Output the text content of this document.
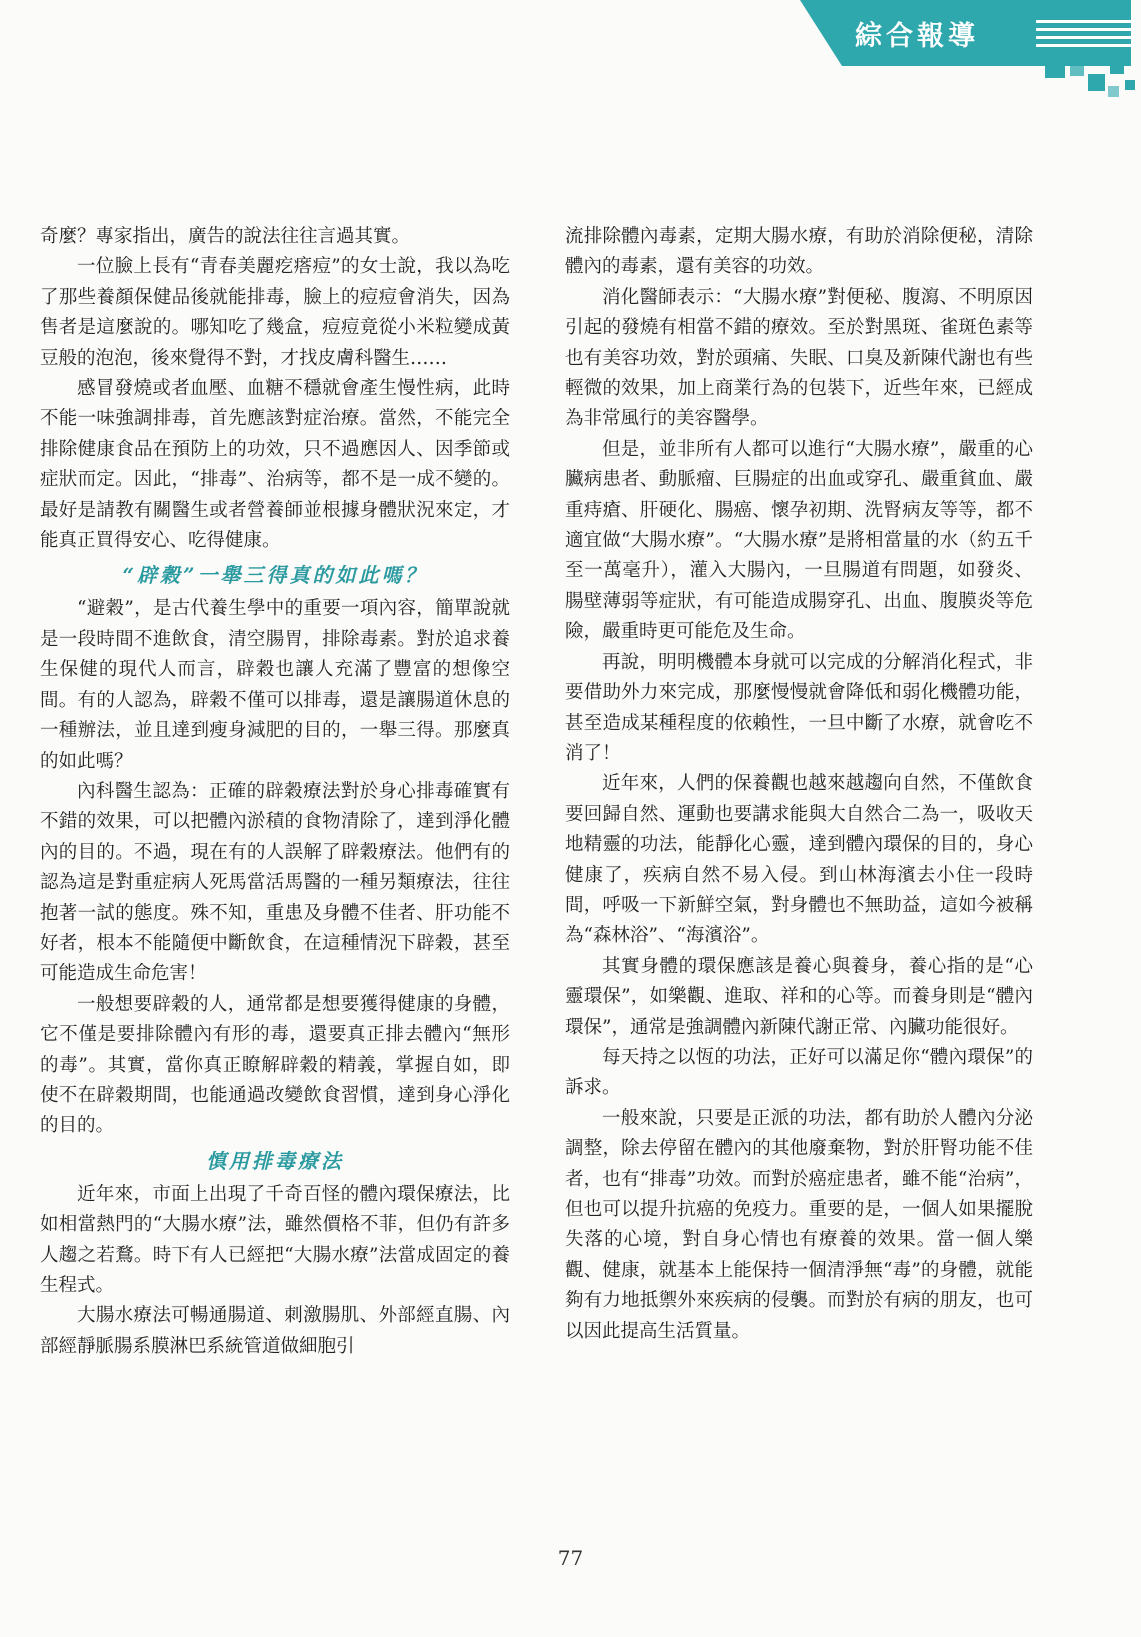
綜合報導

奇麼？專家指出，廣告的說法往往言過其實。

一位臉上長有“青春美麗疙瘩痘”的女士說，我以為吃了那些養顏保健品後就能排毒，臉上的痘痘會消失，因為售者是這麼說的。哪知吃了幾盒，痘痘竟從小米粒變成黃豆般的泡泡，後來覺得不對，才找皮膚科醫生……

感冒發燒或者血壓、血糖不穩就會產生慢性病，此時不能一味強調排毒，首先應該對症治療。當然，不能完全排除健康食品在預防上的功效，只不過應因人、因季節或症狀而定。因此，“排毒”、治病等，都不是一成不變的。最好是請教有關醫生或者營養師並根據身體狀況來定，才能真正買得安心、吃得健康。

“辟穀”一舉三得真的如此嗎？

“避穀”，是古代養生學中的重要一項內容，簡單說就是一段時間不進飲食，清空腸胃，排除毒素。對於追求養生保健的現代人而言，辟穀也讓人充滿了豐富的想像空間。有的人認為，辟穀不僅可以排毒，還是讓腸道休息的一種辦法，並且達到瘦身減肥的目的，一舉三得。那麼真的如此嗎？

內科醫生認為：正確的辟穀療法對於身心排毒確實有不錯的效果，可以把體內淤積的食物清除了，達到淨化體內的目的。不過，現在有的人誤解了辟穀療法。他們有的認為這是對重症病人死馬當活馬醫的一種另類療法，往往抱著一試的態度。殊不知，重患及身體不佳者、肝功能不好者，根本不能隨便中斷飲食，在這種情況下辟穀，甚至可能造成生命危害！

一般想要辟穀的人，通常都是想要獲得健康的身體，它不僅是要排除體內有形的毒，還要真正排去體內“無形的毒”。其實，當你真正瞭解辟穀的精義，掌握自如，即使不在辟穀期間，也能通過改變飲食習慣，達到身心淨化的目的。

慎用排毒療法

近年來，市面上出現了千奇百怪的體內環保療法，比如相當熱門的“大腸水療”法，雖然價格不菲，但仍有許多人趨之若鶩。時下有人已經把“大腸水療”法當成固定的養生程式。

大腸水療法可暢通腸道、刺激腸肌、外部經直腸、內部經靜脈腸系膜淋巴系統管道做細胞引

流排除體內毒素，定期大腸水療，有助於消除便秘，清除體內的毒素，還有美容的功效。

消化醫師表示：“大腸水療”對便秘、腹瀉、不明原因引起的發燒有相當不錯的療效。至於對黑斑、雀斑色素等也有美容功效，對於頭痛、失眠、口臭及新陳代謝也有些輕微的效果，加上商業行為的包裝下，近些年來，已經成為非常風行的美容醫學。

但是，並非所有人都可以進行“大腸水療”，嚴重的心臟病患者、動脈瘤、巨腸症的出血或穿孔、嚴重貧血、嚴重痔瘡、肝硬化、腸癌、懷孕初期、洗腎病友等等，都不適宜做“大腸水療”。“大腸水療”是將相當量的水（約五千至一萬毫升），灌入大腸內，一旦腸道有問題，如發炎、腸壁薄弱等症狀，有可能造成腸穿孔、出血、腹膜炎等危險，嚴重時更可能危及生命。

再說，明明機體本身就可以完成的分解消化程式，非要借助外力來完成，那麼慢慢就會降低和弱化機體功能，甚至造成某種程度的依賴性，一旦中斷了水療，就會吃不消了！

近年來，人們的保養觀也越來越趨向自然，不僅飲食要回歸自然、運動也要講求能與大自然合二為一，吸收天地精靈的功法，能靜化心靈，達到體內環保的目的，身心健康了，疾病自然不易入侵。到山林海濱去小住一段時間，呼吸一下新鮮空氣，對身體也不無助益，這如今被稱為“森林浴”、“海濱浴”。

其實身體的環保應該是養心與養身，養心指的是“心靈環保”，如樂觀、進取、祥和的心等。而養身則是“體內環保”，通常是強調體內新陳代謝正常、內臟功能很好。

每天持之以恆的功法，正好可以滿足你“體內環保”的訴求。

一般來說，只要是正派的功法，都有助於人體內分泌調整，除去停留在體內的其他廢棄物，對於肝腎功能不佳者，也有“排毒”功效。而對於癌症患者，雖不能“治病”，但也可以提升抗癌的免疫力。重要的是，一個人如果擺脫失落的心境，對自身心情也有療養的效果。當一個人樂觀、健康，就基本上能保持一個清淨無“毒”的身體，就能夠有力地抵禦外來疾病的侵襲。而對於有病的朋友，也可以因此提高生活質量。

77
